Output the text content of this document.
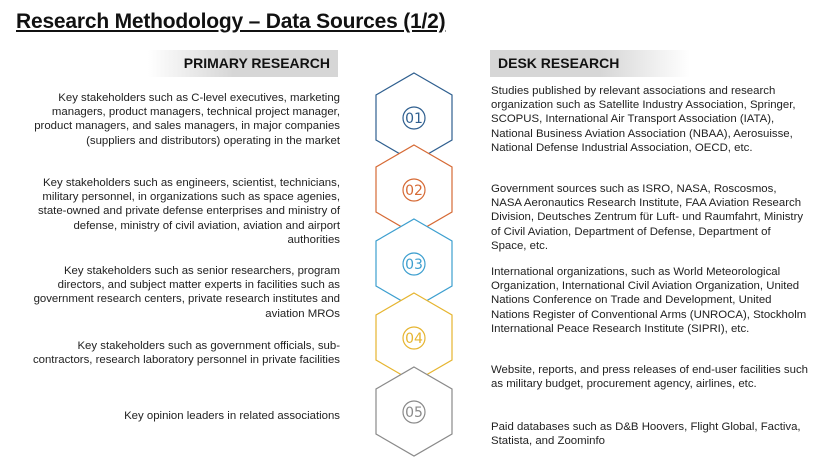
Research Methodology – Data Sources (1/2)
PRIMARY RESEARCH	DESK RESEARCH
Key stakeholders such as C-level executives, marketing managers, product managers, technical project manager, product managers, and sales managers, in major companies (suppliers and distributors) operating in the market
Key stakeholders such as engineers, scientist, technicians, military personnel, in organizations such as space agenies, state-owned and private defense enterprises and ministry of defense, ministry of civil aviation, aviation and airport authorities
Key stakeholders such as senior researchers, program directors, and subject matter experts in facilities such as government research centers, private research institutes and aviation MROs
Key stakeholders such as government officials, sub-contractors, research laboratory personnel in private facilities
Key opinion leaders in related associations
Studies published by relevant associations and research organization such as Satellite Industry Association, Springer, SCOPUS, International Air Transport Association (IATA), National Business Aviation Association (NBAA), Aerosuisse, National Defense Industrial Association, OECD, etc.
Government sources such as ISRO, NASA, Roscosmos, NASA Aeronautics Research Institute, FAA Aviation Research Division, Deutsches Zentrum für Luft- und Raumfahrt, Ministry of Civil Aviation, Department of Defense, Department of Space, etc.
International organizations, such as World Meteorological Organization, International Civil Aviation Organization, United Nations Conference on Trade and Development, United Nations Register of Conventional Arms (UNROCA), Stockholm International Peace Research Institute (SIPRI), etc.
Website, reports, and press releases of end-user facilities such as military budget, procurement agency, airlines, etc.
Paid databases such as D&B Hoovers, Flight Global, Factiva, Statista, and Zoominfo
01
02
03
04
05
